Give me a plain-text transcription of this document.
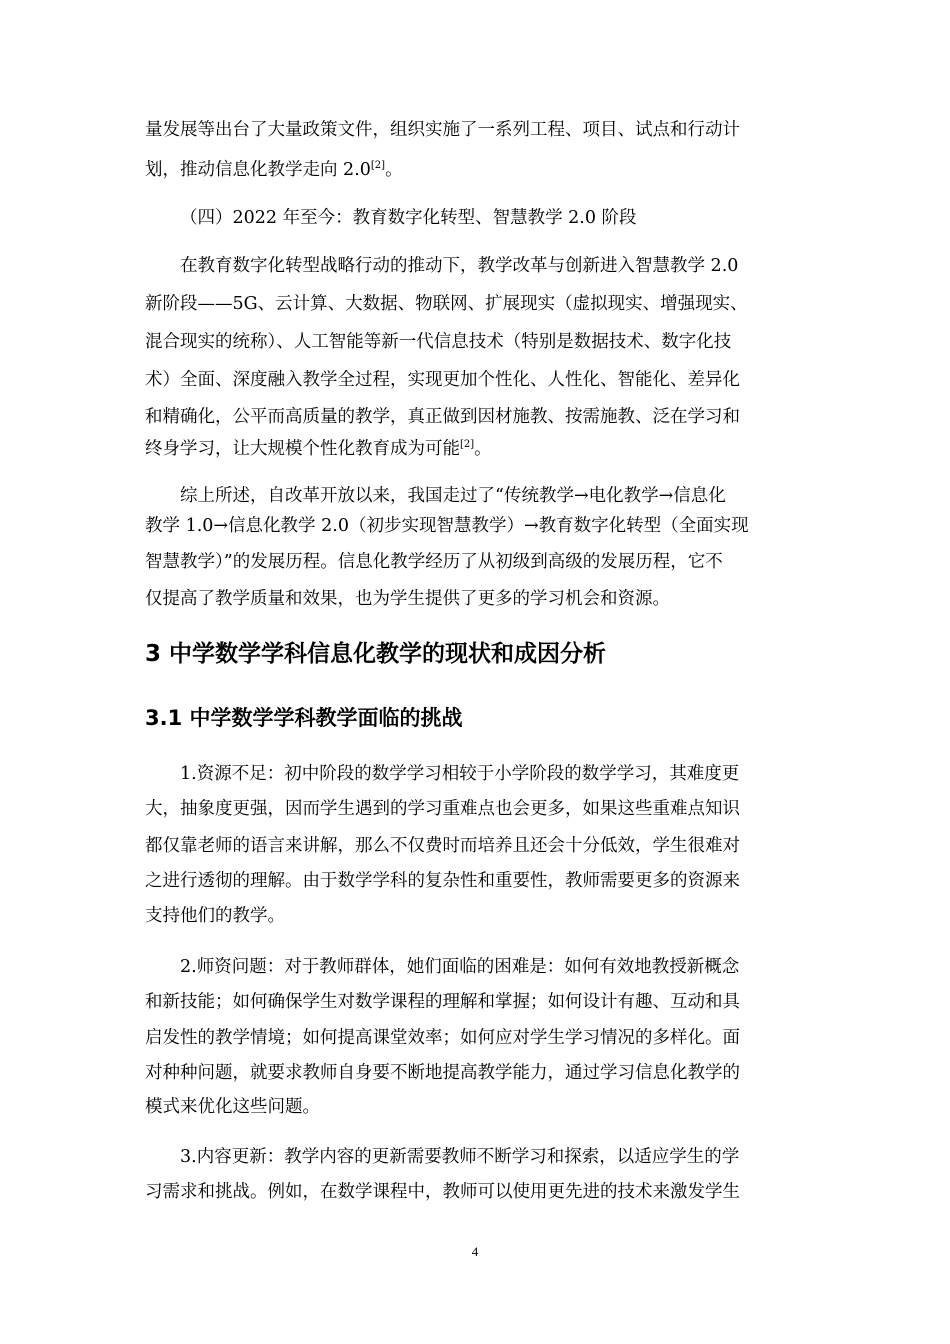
量发展等出台了大量政策文件，组织实施了一系列工程、项目、试点和行动计
划，推动信息化教学走向 2.0[2]。
（四）2022 年至今：教育数字化转型、智慧教学 2.0 阶段
在教育数字化转型战略行动的推动下，教学改革与创新进入智慧教学 2.0
新阶段——5G、云计算、大数据、物联网、扩展现实（虚拟现实、增强现实、
混合现实的统称）、人工智能等新一代信息技术（特别是数据技术、数字化技
术）全面、深度融入教学全过程，实现更加个性化、人性化、智能化、差异化
和精确化，公平而高质量的教学，真正做到因材施教、按需施教、泛在学习和
终身学习，让大规模个性化教育成为可能[2]。
综上所述，自改革开放以来，我国走过了“传统教学→电化教学→信息化
教学 1.0→信息化教学 2.0（初步实现智慧教学）→教育数字化转型（全面实现
智慧教学）”的发展历程。信息化教学经历了从初级到高级的发展历程，它不
仅提高了教学质量和效果，也为学生提供了更多的学习机会和资源。
3 中学数学学科信息化教学的现状和成因分析
3.1 中学数学学科教学面临的挑战
1.资源不足：初中阶段的数学学习相较于小学阶段的数学学习，其难度更
大，抽象度更强，因而学生遇到的学习重难点也会更多，如果这些重难点知识
都仅靠老师的语言来讲解，那么不仅费时而培养且还会十分低效，学生很难对
之进行透彻的理解。由于数学学科的复杂性和重要性，教师需要更多的资源来
支持他们的教学。
2.师资问题：对于教师群体，她们面临的困难是：如何有效地教授新概念
和新技能；如何确保学生对数学课程的理解和掌握；如何设计有趣、互动和具
启发性的教学情境；如何提高课堂效率；如何应对学生学习情况的多样化。面
对种种问题，就要求教师自身要不断地提高教学能力，通过学习信息化教学的
模式来优化这些问题。
3.内容更新：教学内容的更新需要教师不断学习和探索，以适应学生的学
习需求和挑战。例如，在数学课程中，教师可以使用更先进的技术来激发学生
4
